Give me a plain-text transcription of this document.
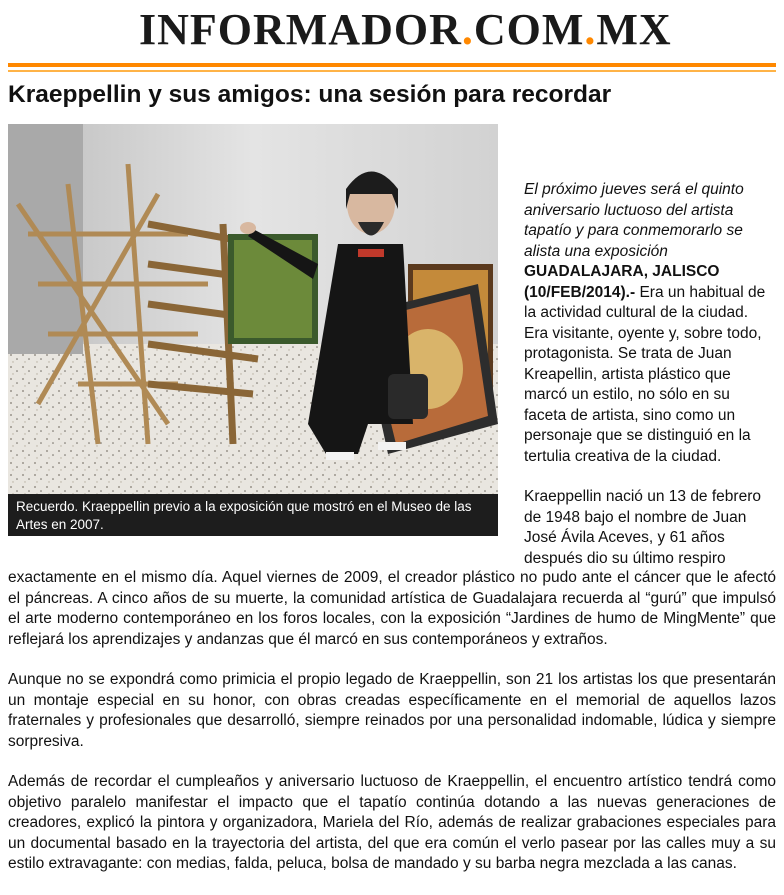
INFORMADOR.COM.MX
Kraeppellin y sus amigos: una sesión para recordar
Recuerdo. Kraeppellin previo a la exposición que mostró en el Museo de las Artes en 2007.

El próximo jueves será el quinto aniversario luctuoso del artista tapatío y para conmemorarlo se alista una exposición

GUADALAJARA, JALISCO (10/FEB/2014).- Era un habitual de la actividad cultural de la ciudad. Era visitante, oyente y, sobre todo, protagonista. Se trata de Juan Kreapellin, artista plástico que marcó un estilo, no sólo en su faceta de artista, sino como un personaje que se distinguió en la tertulia creativa de la ciudad.

Kraeppellin nació un 13 de febrero de 1948 bajo el nombre de Juan José Ávila Aceves, y 61 años después dio su último respiro

exactamente en el mismo día. Aquel viernes de 2009, el creador plástico no pudo ante el cáncer que le afectó el páncreas. A cinco años de su muerte, la comunidad artística de Guadalajara recuerda al “gurú” que impulsó el arte moderno contemporáneo en los foros locales, con la exposición “Jardines de humo de MingMente” que reflejará los aprendizajes y andanzas que él marcó en sus contemporáneos y extraños.

Aunque no se expondrá como primicia el propio legado de Kraeppellin, son 21 los artistas los que presentarán un montaje especial en su honor, con obras creadas específicamente en el memorial de aquellos lazos fraternales y profesionales que desarrolló, siempre reinados por una personalidad indomable, lúdica y siempre sorpresiva.

Además de recordar el cumpleaños y aniversario luctuoso de Kraeppellin, el encuentro artístico tendrá como objetivo paralelo manifestar el impacto que el tapatío continúa dotando a las nuevas generaciones de creadores, explicó la pintora y organizadora, Mariela del Río, además de realizar grabaciones especiales para un documental basado en la trayectoria del artista, del que era común el verlo pasear por las calles muy a su estilo extravagante: con medias, falda, peluca, bolsa de mandado y su barba negra mezclada a las canas.
